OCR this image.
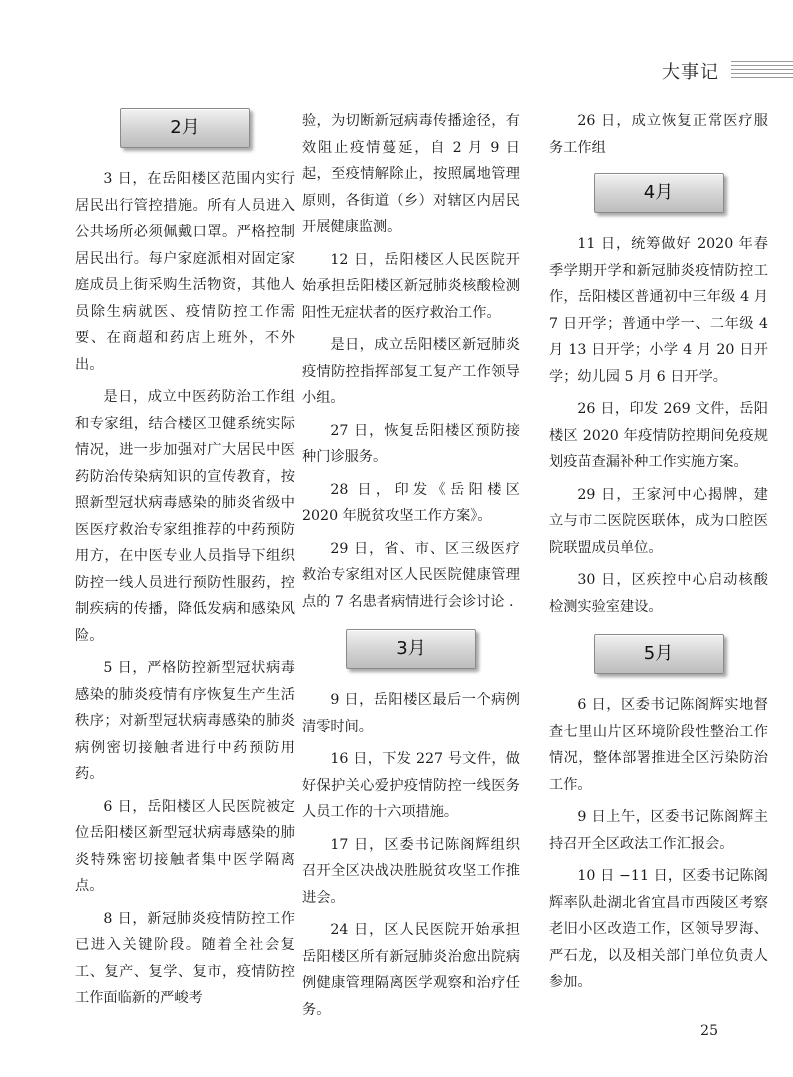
大事记
2月

3 日，在岳阳楼区范围内实行居民出行管控措施。所有人员进入公共场所必须佩戴口罩。严格控制居民出行。每户家庭派相对固定家庭成员上街采购生活物资，其他人员除生病就医、疫情防控工作需要、在商超和药店上班外，不外出。

是日，成立中医药防治工作组和专家组，结合楼区卫健系统实际情况，进一步加强对广大居民中医药防治传染病知识的宣传教育，按照新型冠状病毒感染的肺炎省级中医医疗救治专家组推荐的中药预防用方，在中医专业人员指导下组织防控一线人员进行预防性服药，控制疾病的传播，降低发病和感染风险。

5 日，严格防控新型冠状病毒感染的肺炎疫情有序恢复生产生活秩序；对新型冠状病毒感染的肺炎病例密切接触者进行中药预防用药。

6 日，岳阳楼区人民医院被定位岳阳楼区新型冠状病毒感染的肺炎特殊密切接触者集中医学隔离点。

8 日，新冠肺炎疫情防控工作已进入关键阶段。随着全社会复工、复产、复学、复市，疫情防控工作面临新的严峻考

验，为切断新冠病毒传播途径，有效阻止疫情蔓延，自 2 月 9 日起，至疫情解除止，按照属地管理原则，各街道（乡）对辖区内居民开展健康监测。

12 日，岳阳楼区人民医院开始承担岳阳楼区新冠肺炎核酸检测阳性无症状者的医疗救治工作。

是日，成立岳阳楼区新冠肺炎疫情防控指挥部复工复产工作领导小组。

27 日，恢复岳阳楼区预防接种门诊服务。

28 日，印发《岳阳楼区 2020 年脱贫攻坚工作方案》。

29 日，省、市、区三级医疗救治专家组对区人民医院健康管理点的 7 名患者病情进行会诊讨论 .

3月

9 日，岳阳楼区最后一个病例清零时间。

16 日，下发 227 号文件，做好保护关心爱护疫情防控一线医务人员工作的十六项措施。

17 日，区委书记陈阁辉组织召开全区决战决胜脱贫攻坚工作推进会。

24 日，区人民医院开始承担岳阳楼区所有新冠肺炎治愈出院病例健康管理隔离医学观察和治疗任务。

26 日，成立恢复正常医疗服务工作组

4月

11 日，统筹做好 2020 年春季学期开学和新冠肺炎疫情防控工作，岳阳楼区普通初中三年级 4 月 7 日开学；普通中学一、二年级 4 月 13 日开学；小学 4 月 20 日开学；幼儿园 5 月 6 日开学。

26 日，印发 269 文件，岳阳楼区 2020 年疫情防控期间免疫规划疫苗查漏补种工作实施方案。

29 日，王家河中心揭牌，建立与市二医院医联体，成为口腔医院联盟成员单位。

30 日，区疾控中心启动核酸检测实验室建设。

5月

6 日，区委书记陈阁辉实地督查七里山片区环境阶段性整治工作情况，整体部署推进全区污染防治工作。

9 日上午，区委书记陈阁辉主持召开全区政法工作汇报会。

10 日 −11 日，区委书记陈阁辉率队赴湖北省宜昌市西陵区考察老旧小区改造工作，区领导罗海、严石龙，以及相关部门单位负责人参加。

25
